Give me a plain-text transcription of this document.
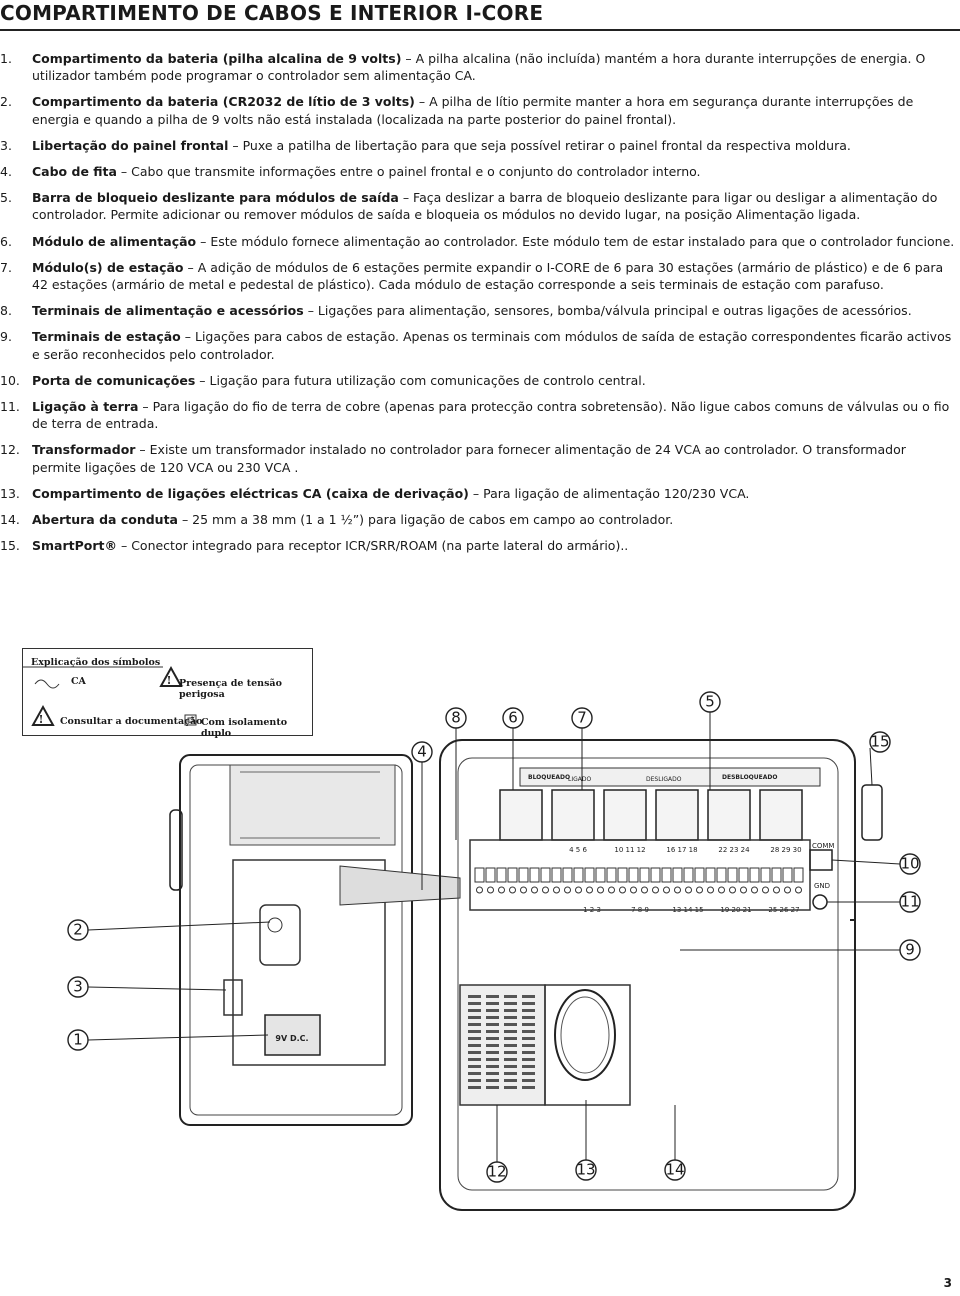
COMPARTIMENTO DE CABOS E INTERIOR I-CORE
1.	Compartimento da bateria (pilha alcalina de 9 volts) – A pilha alcalina (não incluída) mantém a hora durante interrupções de energia. O utilizador também pode programar o controlador sem alimentação CA.
2.	Compartimento da bateria (CR2032 de lítio de 3 volts) – A pilha de lítio permite manter a hora em segurança durante interrupções de energia e quando a pilha de 9 volts não está instalada (localizada na parte posterior do painel frontal).
3.	Libertação do painel frontal – Puxe a patilha de libertação para que seja possível retirar o painel frontal da respectiva moldura.
4.	Cabo de fita – Cabo que transmite informações entre o painel frontal e o conjunto do controlador interno.
5.	Barra de bloqueio deslizante para módulos de saída – Faça deslizar a barra de bloqueio deslizante para ligar ou desligar a alimentação do controlador. Permite adicionar ou remover módulos de saída e bloqueia os módulos no devido lugar, na posição Alimentação ligada.
6.	Módulo de alimentação – Este módulo fornece alimentação ao controlador. Este módulo tem de estar instalado para que o controlador funcione.
7.	Módulo(s) de estação – A adição de módulos de 6 estações permite expandir o I-CORE de 6 para 30 estações (armário de plástico) e de 6 para 42 estações (armário de metal e pedestal de plástico). Cada módulo de estação corresponde a seis terminais de estação com parafuso.
8.	Terminais de alimentação e acessórios – Ligações para alimentação, sensores, bomba/válvula principal e outras ligações de acessórios.
9.	Terminais de estação – Ligações para cabos de estação. Apenas os terminais com módulos de saída de estação correspondentes ficarão activos e serão reconhecidos pelo controlador.
10. Porta de comunicações – Ligação para futura utilização com comunicações de controlo central.
11. Ligação à terra – Para ligação do fio de terra de cobre (apenas para protecção contra sobretensão). Não ligue cabos comuns de válvulas ou o fio de terra de entrada.
12. Transformador – Existe um transformador instalado no controlador para fornecer alimentação de 24 VCA ao controlador. O transformador permite ligações de 120 VCA ou 230 VCA .
13. Compartimento de ligações eléctricas CA (caixa de derivação) – Para ligação de alimentação 120/230 VCA.
14. Abertura da conduta – 25 mm a 38 mm (1 a 1 ½”) para ligação de cabos em campo ao controlador.
15. SmartPort® – Conector integrado para receptor ICR/SRR/ROAM (na parte lateral do armário)..
Explicação dos símbolos
!
!
CA	Presença de tensão perigosa
Consultar a documentação
Com isolamento duplo
9V D.C.
BLOQUEADO
LIGADO	DESLIGADO	DESBLOQUEADO
4 5 6	10 11 12	16 17 18	22 23 24	28 29 30
1 2 3	7 8 9	13 14 15 19 20 21 25 26 27
COMM
GND
1
2
3
4
5
6	7
8
9
10
11
12	13	14
15
3
